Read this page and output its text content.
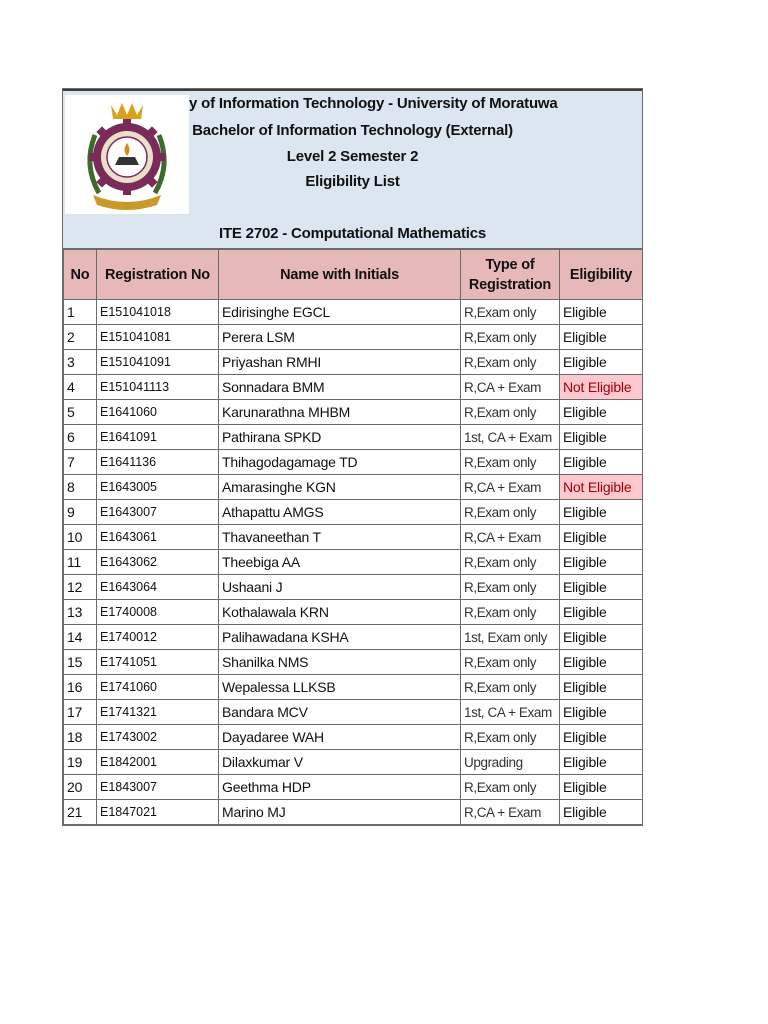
y of Information Technology - University of Moratuwa
Bachelor of Information Technology (External)
Level 2 Semester 2
Eligibility List
ITE 2702 - Computational Mathematics
No	Registration No	Name with Initials	Type of Registration	Eligibility
1	E151041018	Edirisinghe EGCL	R,Exam only	Eligible
2	E151041081	Perera LSM	R,Exam only	Eligible
3	E151041091	Priyashan RMHI	R,Exam only	Eligible
4	E151041113	Sonnadara BMM	R,CA + Exam	Not Eligible
5	E1641060	Karunarathna MHBM	R,Exam only	Eligible
6	E1641091	Pathirana SPKD	1st, CA + Exam	Eligible
7	E1641136	Thihagodagamage TD	R,Exam only	Eligible
8	E1643005	Amarasinghe KGN	R,CA + Exam	Not Eligible
9	E1643007	Athapattu AMGS	R,Exam only	Eligible
10	E1643061	Thavaneethan T	R,CA + Exam	Eligible
11	E1643062	Theebiga AA	R,Exam only	Eligible
12	E1643064	Ushaani J	R,Exam only	Eligible
13	E1740008	Kothalawala KRN	R,Exam only	Eligible
14	E1740012	Palihawadana KSHA	1st, Exam only	Eligible
15	E1741051	Shanilka NMS	R,Exam only	Eligible
16	E1741060	Wepalessa LLKSB	R,Exam only	Eligible
17	E1741321	Bandara MCV	1st, CA + Exam	Eligible
18	E1743002	Dayadaree WAH	R,Exam only	Eligible
19	E1842001	Dilaxkumar V	Upgrading	Eligible
20	E1843007	Geethma HDP	R,Exam only	Eligible
21	E1847021	Marino MJ	R,CA + Exam	Eligible
